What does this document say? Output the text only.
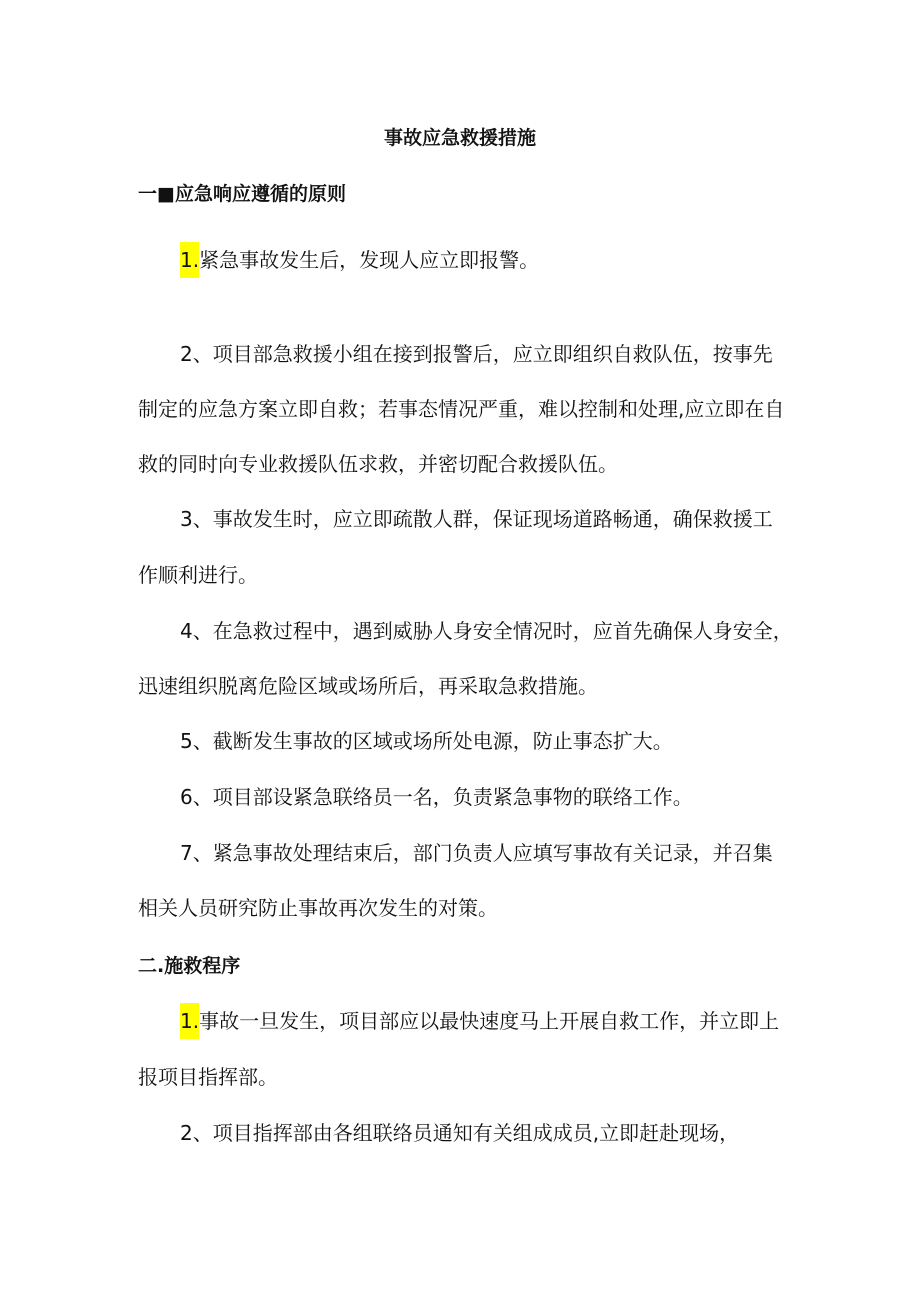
事故应急救援措施
一■应急响应遵循的原则
1.紧急事故发生后，发现人应立即报警。
2、项目部急救援小组在接到报警后，应立即组织自救队伍，按事先
制定的应急方案立即自救；若事态情况严重，难以控制和处理,应立即在自
救的同时向专业救援队伍求救，并密切配合救援队伍。
3、事故发生时，应立即疏散人群，保证现场道路畅通，确保救援工
作顺利进行。
4、在急救过程中，遇到威胁人身安全情况时，应首先确保人身安全，
迅速组织脱离危险区域或场所后，再采取急救措施。
5、截断发生事故的区域或场所处电源，防止事态扩大。
6、项目部设紧急联络员一名，负责紧急事物的联络工作。
7、紧急事故处理结束后，部门负责人应填写事故有关记录，并召集
相关人员研究防止事故再次发生的对策。
二.施救程序
1.事故一旦发生，项目部应以最快速度马上开展自救工作，并立即上
报项目指挥部。
2、项目指挥部由各组联络员通知有关组成成员,立即赶赴现场，
